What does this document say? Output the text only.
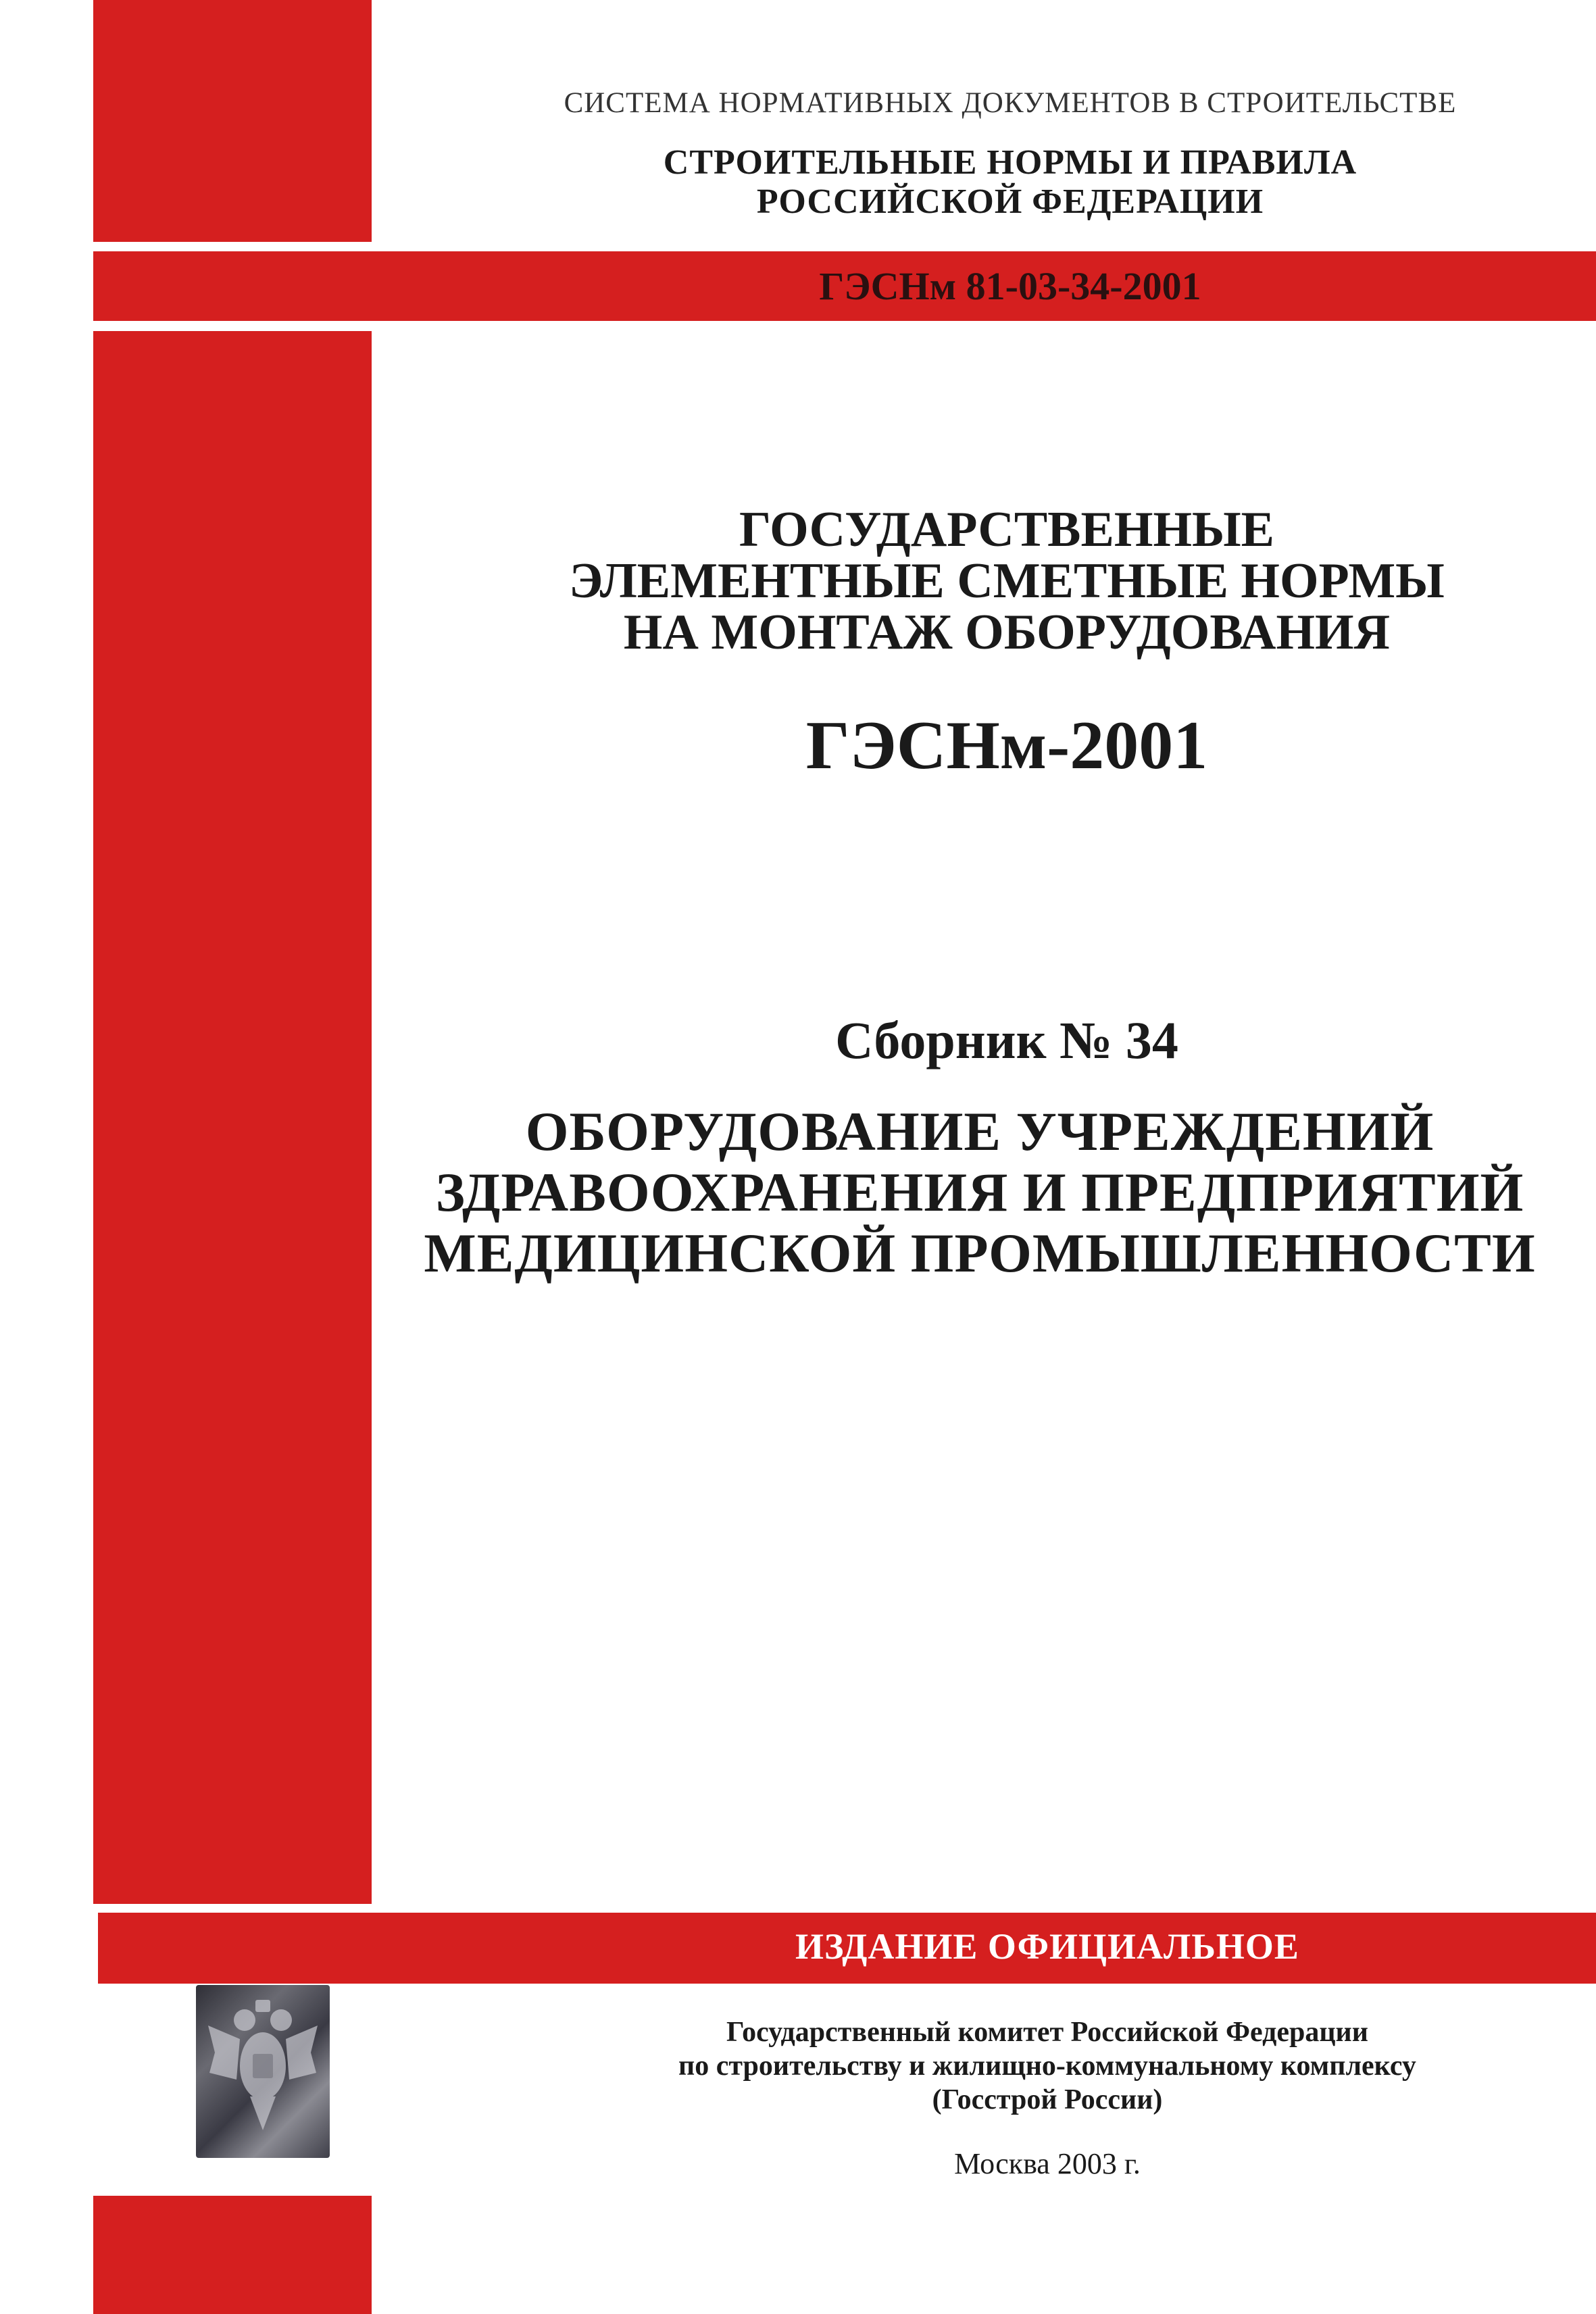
СИСТЕМА НОРМАТИВНЫХ ДОКУМЕНТОВ В СТРОИТЕЛЬСТВЕ
СТРОИТЕЛЬНЫЕ НОРМЫ И ПРАВИЛА
РОССИЙСКОЙ ФЕДЕРАЦИИ
ГЭСНм 81-03-34-2001
ГОСУДАРСТВЕННЫЕ
ЭЛЕМЕНТНЫЕ СМЕТНЫЕ НОРМЫ
НА МОНТАЖ ОБОРУДОВАНИЯ
ГЭСНм-2001
Сборник № 34
ОБОРУДОВАНИЕ УЧРЕЖДЕНИЙ
ЗДРАВООХРАНЕНИЯ И ПРЕДПРИЯТИЙ
МЕДИЦИНСКОЙ ПРОМЫШЛЕННОСТИ
ИЗДАНИЕ ОФИЦИАЛЬНОЕ
Государственный комитет Российской Федерации
по строительству и жилищно-коммунальному комплексу
(Госстрой России)
Москва 2003 г.
